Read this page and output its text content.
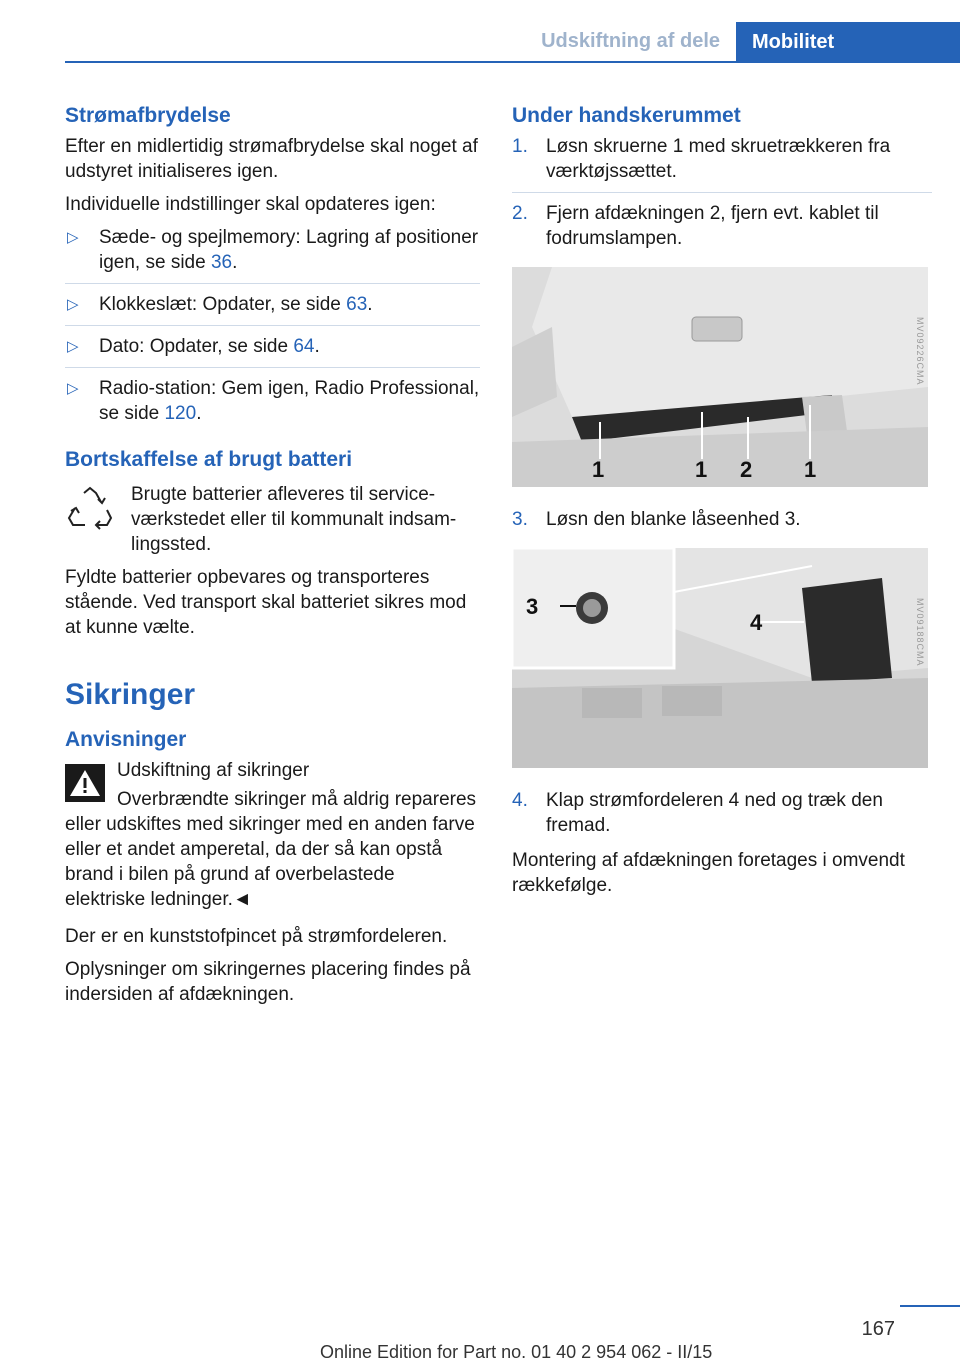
Udskiftning af dele	Mobilitet
Strømafbrydelse

Efter en midlertidig strømafbrydelse skal noget af udstyret initialiseres igen.

Individuelle indstillinger skal opdateres igen:

▷ Sæde- og spejlmemory: Lagring af positioner igen, se side 36.
▷ Klokkeslæt: Opdater, se side 63.
▷ Dato: Opdater, se side 64.
▷ Radio-station: Gem igen, Radio Professional, se side 120.
Bortskaffelse af brugt batteri

Brugte batterier afleveres til serviceværkstedet eller til kommunalt indsamlingssted.

Fyldte batterier opbevares og transporteres stående. Ved transport skal batteriet sikres mod at kunne vælte.

Sikringer
Anvisninger

Udskiftning af sikringer

Overbrændte sikringer må aldrig repareres eller udskiftes med sikringer med en anden farve eller et andet amperetal, da der så kan opstå brand i bilen på grund af overbelastede elektriske ledninger.◄

Der er en kunststofpincet på strømfordeleren.

Oplysninger om sikringernes placering findes på indersiden af afdækningen.

Under handskerummet
1. Løsn skruerne 1 med skruetrækkeren fra værktøjssættet.
2. Fjern afdækningen 2, fjern evt. kablet til fodrumslampen.
1	1 2 1
MV09226CMA
3. Løsn den blanke låseenhed 3.
3
4	MV09188CMA
4. Klap strømfordeleren 4 ned og træk den fremad.

Montering af afdækningen foretages i omvendt rækkefølge.

167
Online Edition for Part no. 01 40 2 954 062 - II/15
